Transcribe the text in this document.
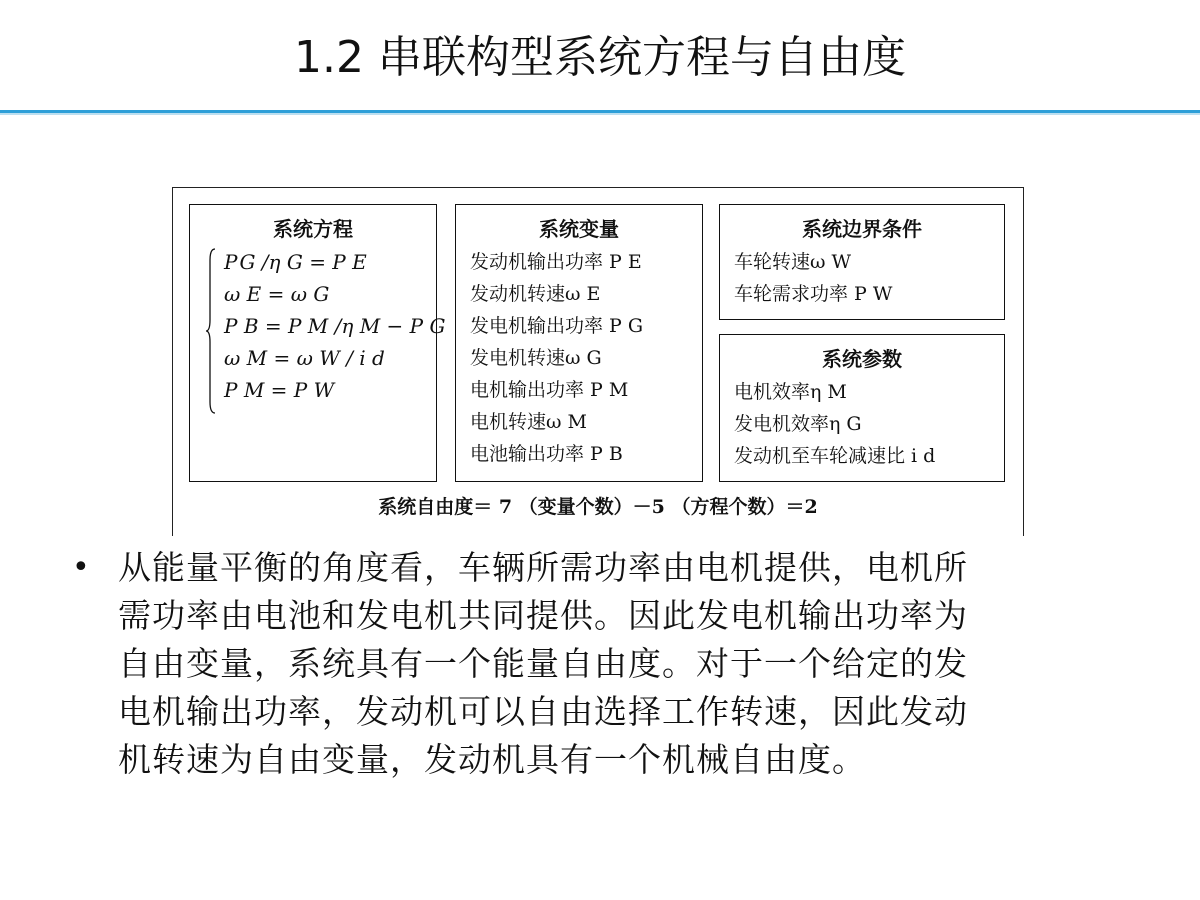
1.2 串联构型系统方程与自由度
系统方程
P G /η G = P E
ω E = ω G
P B = P M /η M − P G
ω M = ω W / i d
P M = P W
系统变量
发动机输出功率 P E
发动机转速ω E
发电机输出功率 P G
发电机转速ω G
电机输出功率 P M
电机转速ω M
电池输出功率 P B
系统边界条件
车轮转速ω W
车轮需求功率 P W
系统参数
电机效率η M
发电机效率η G
发动机至车轮减速比 i d
系统自由度＝ 7 （变量个数）－5 （方程个数）＝2
• 从能量平衡的角度看，车辆所需功率由电机提供，电机所
需功率由电池和发电机共同提供。因此发电机输出功率为
自由变量，系统具有一个能量自由度。对于一个给定的发
电机输出功率，发动机可以自由选择工作转速，因此发动
机转速为自由变量，发动机具有一个机械自由度。
